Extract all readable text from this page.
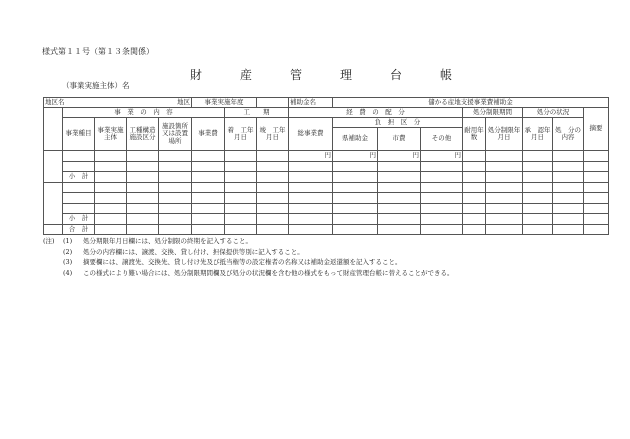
様式第１１号（第１３条関係）
財	産	管	理	台	帳
（事業実施主体）名
地区名 地区					事業実施年度			補助金名	儲かる産地支援事業費補助金							
	事　業　の　内　容					工　　期		経　費　の　配　分				処分制限期間		処分の状況		摘要
	事業種目	事業実施主体	工種構造施設区分	施設箇所又は設置場所	事業費	着　工年月日	竣　工年月日	総事業費	負　担　区　分			耐用年数	処分制限年月日	承　認年月日	処　分の内容	
									県補助金	市費	その他					
								円	円	円	円					

	小　計															

	小　計															
	合　計															
(注)	(1)	処分期限年月日欄には、処分制限の終期を記入すること。
(2)	処分の内容欄には、譲渡、交換、貸し付け、担保提供等別に記入すること。
(3)	摘要欄には、譲渡先、交換先、貸し付け先及び抵当権等の設定権者の名称又は補助金返還額を記入すること。
(4)	この様式により難い場合には、処分制限期間欄及び処分の状況欄を含む他の様式をもって財産管理台帳に替えることができる。
